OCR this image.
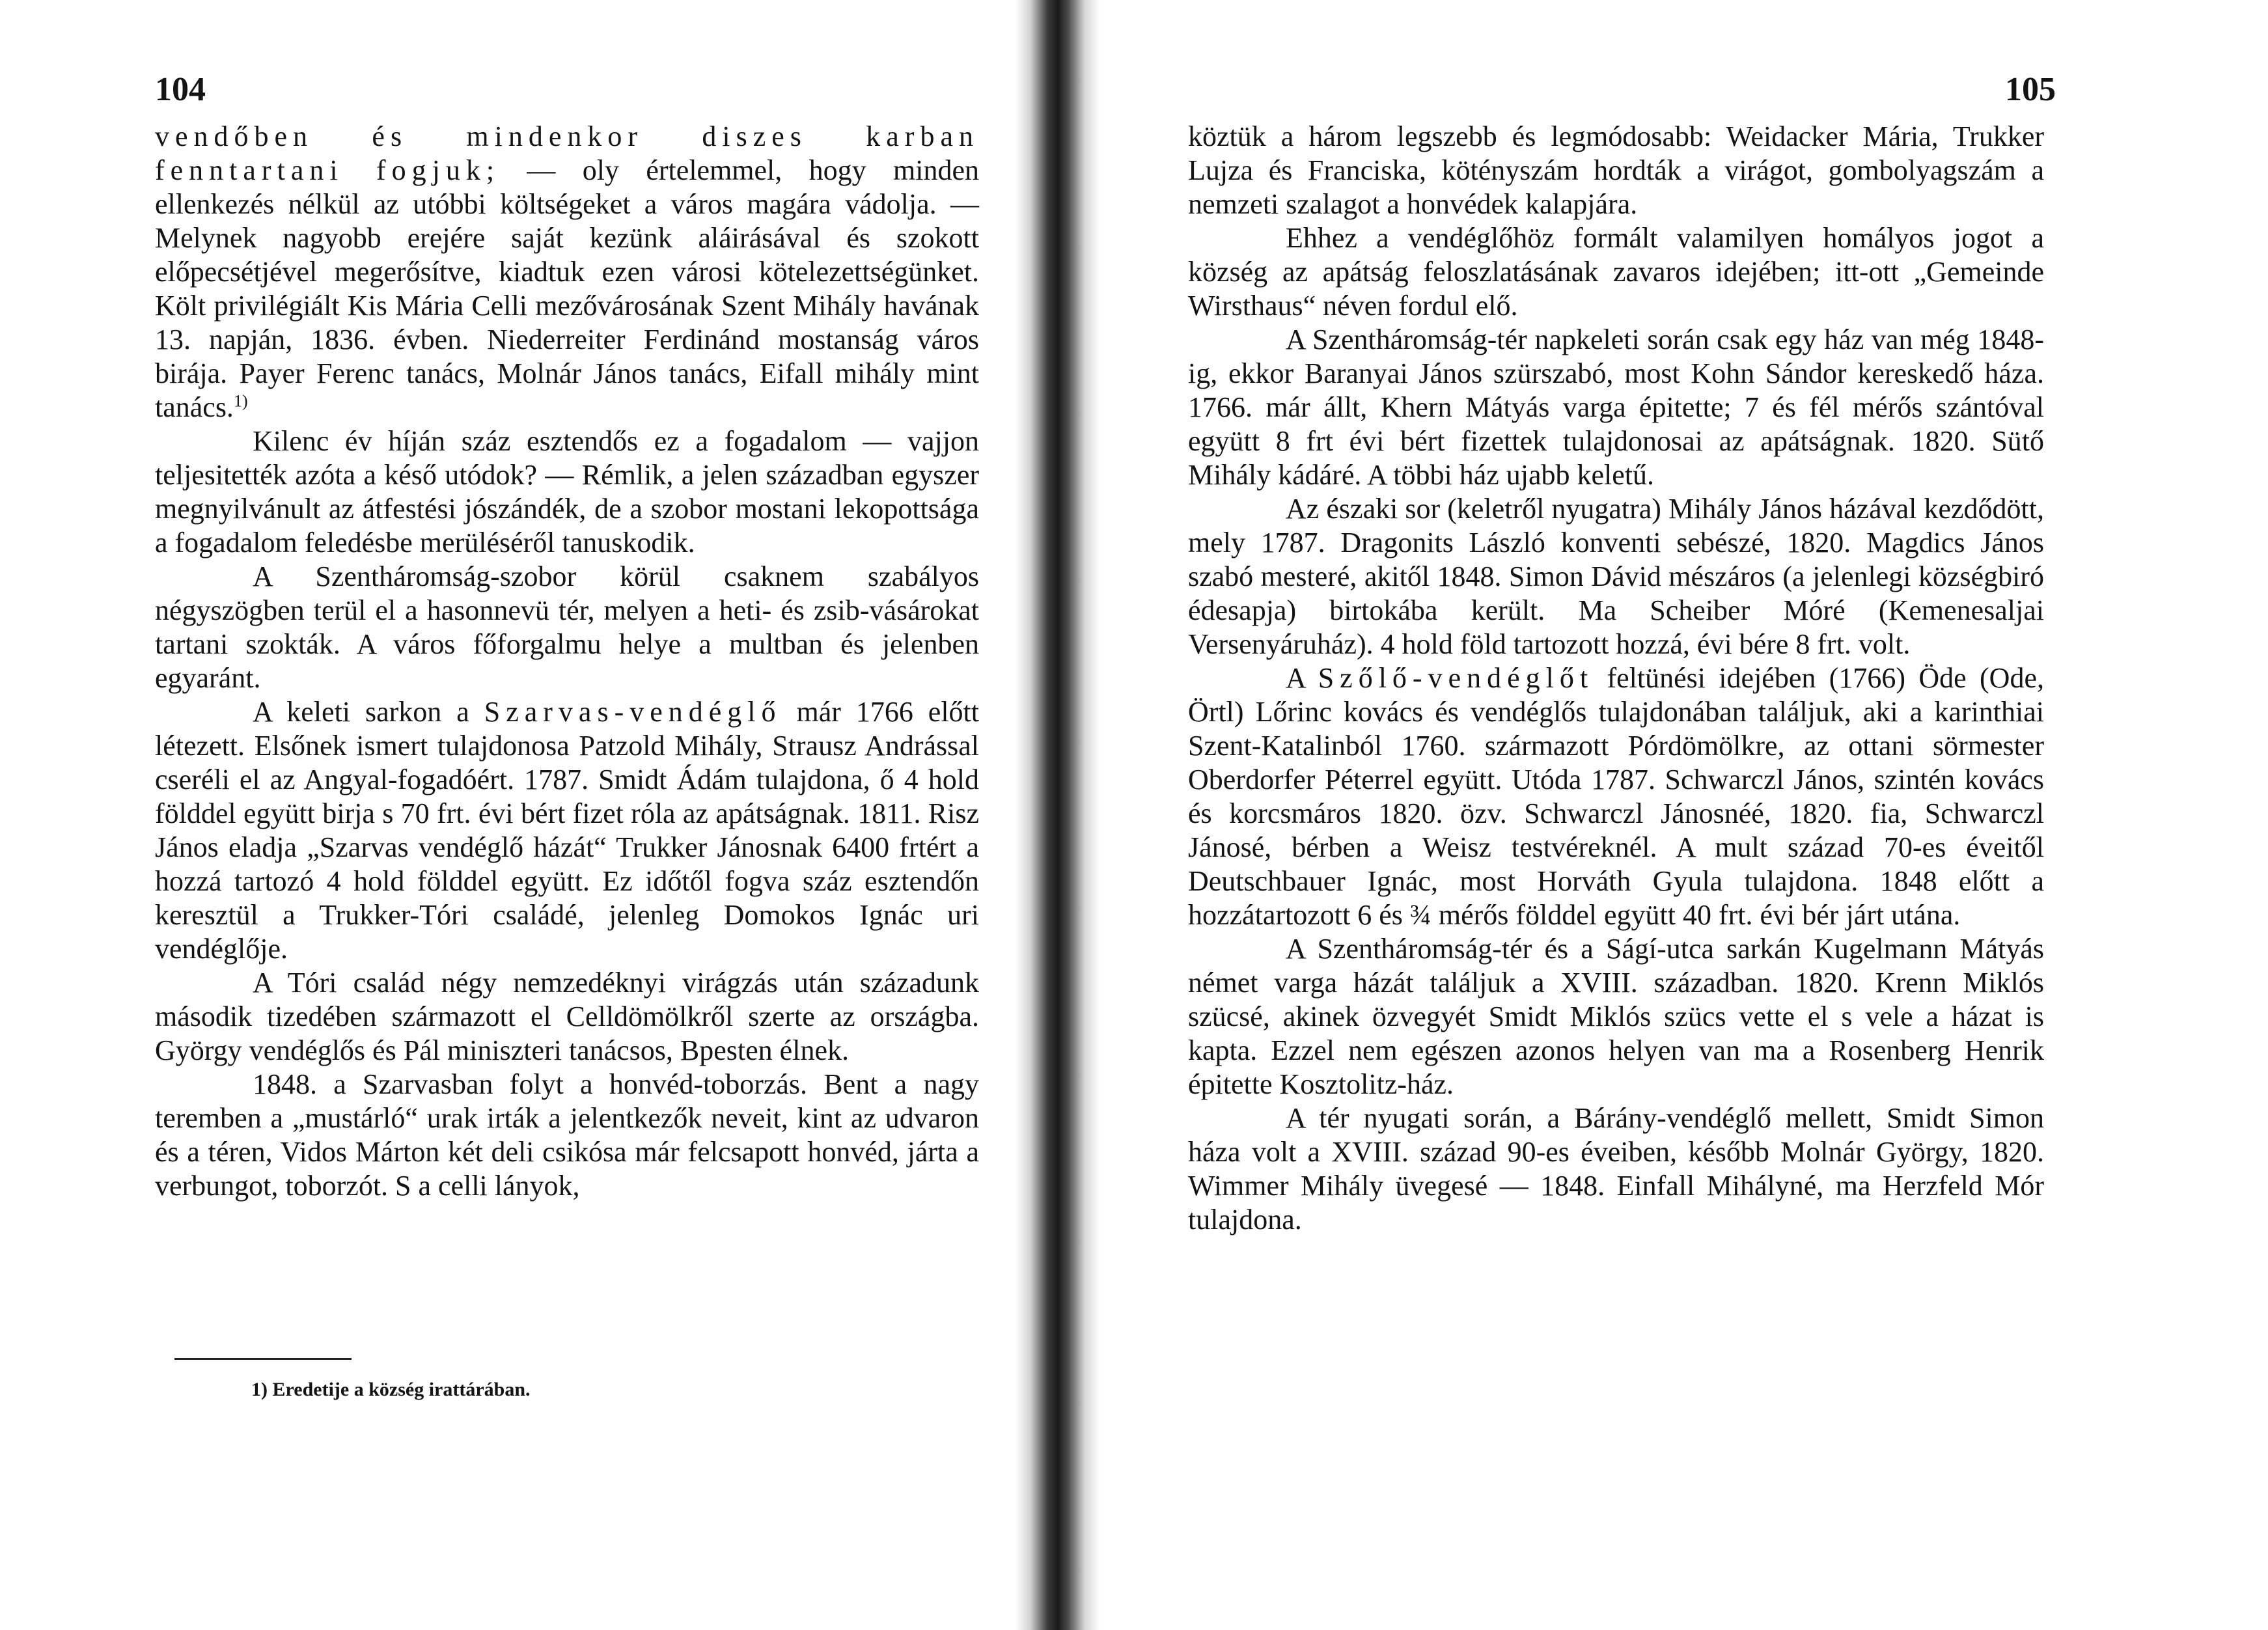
104

vendőben és mindenkor diszes karban fenntartani fogjuk; — oly értelemmel, hogy minden ellenkezés nélkül az utóbbi költségeket a város magára vádolja. — Melynek nagyobb erejére saját kezünk aláirásával és szokott előpecsétjével megerősítve, kiadtuk ezen városi kötelezettségünket. Költ privilégiált Kis Mária Celli mezővárosának Szent Mihály havának 13. napján, 1836. évben. Niederreiter Ferdinánd mostanság város birája. Payer Ferenc tanács, Molnár János tanács, Eifall mihály mint tanács.$^{1)}$

Kilenc év híján száz esztendős ez a fogadalom — vajjon teljesitették azóta a késő utódok? — Rémlik, a jelen században egyszer megnyilvánult az átfestési jószándék, de a szobor mostani lekopottsága a fogadalom feledésbe merüléséről tanuskodik.

A Szentháromság-szobor körül csaknem szabályos négyszögben terül el a hasonnevü tér, melyen a heti- és zsib-vásárokat tartani szokták. A város főforgalmu helye a multban és jelenben egyaránt.

A keleti sarkon a Szarvas-vendéglő már 1766 előtt létezett. Elsőnek ismert tulajdonosa Patzold Mihály, Strausz Andrással cseréli el az Angyal-fogadóért. 1787. Smidt Ádám tulajdona, ő 4 hold földdel együtt birja s 70 frt. évi bért fizet róla az apátságnak. 1811. Risz János eladja „Szarvas vendéglő házát“ Trukker Jánosnak 6400 frtért a hozzá tartozó 4 hold földdel együtt. Ez időtől fogva száz esztendőn keresztül a Trukker-Tóri családé, jelenleg Domokos Ignác uri vendéglője.

A Tóri család négy nemzedéknyi virágzás után századunk második tizedében származott el Celldömölkről szerte az országba. György vendéglős és Pál miniszteri tanácsos, Bpesten élnek.

1848. a Szarvasban folyt a honvéd-toborzás. Bent a nagy teremben a „mustárló“ urak irták a jelentkezők neveit, kint az udvaron és a téren, Vidos Márton két deli csikósa már felcsapott honvéd, járta a verbungot, toborzót. S a celli lányok,

1) Eredetije a község irattárában.
105

köztük a három legszebb és legmódosabb: Weidacker Mária, Trukker Lujza és Franciska, kötényszám hordták a virágot, gombolyagszám a nemzeti szalagot a honvédek kalapjára.

Ehhez a vendéglőhöz formált valamilyen homályos jogot a község az apátság feloszlatásának zavaros idejében; itt-ott „Gemeinde Wirsthaus“ néven fordul elő.

A Szentháromság-tér napkeleti során csak egy ház van még 1848-ig, ekkor Baranyai János szürszabó, most Kohn Sándor kereskedő háza. 1766. már állt, Khern Mátyás varga épitette; 7 és fél mérős szántóval együtt 8 frt évi bért fizettek tulajdonosai az apátságnak. 1820. Sütő Mihály kádáré. A többi ház ujabb keletű.

Az északi sor (keletről nyugatra) Mihály János házával kezdődött, mely 1787. Dragonits László konventi sebészé, 1820. Magdics János szabó mesteré, akitől 1848. Simon Dávid mészáros (a jelenlegi községbiró édesapja) birtokába került. Ma Scheiber Móré (Kemenesaljai Versenyáruház). 4 hold föld tartozott hozzá, évi bére 8 frt. volt.

A Szőlő-vendéglőt feltünési idejében (1766) Öde (Ode, Örtl) Lőrinc kovács és vendéglős tulajdonában találjuk, aki a karinthiai Szent-Katalinból 1760. származott Pórdömölkre, az ottani sörmester Oberdorfer Péterrel együtt. Utóda 1787. Schwarczl János, szintén kovács és korcsmáros 1820. özv. Schwarczl Jánosnéé, 1820. fia, Schwarczl Jánosé, bérben a Weisz testvéreknél. A mult század 70-es éveitől Deutschbauer Ignác, most Horváth Gyula tulajdona. 1848 előtt a hozzátartozott 6 és ¾ mérős földdel együtt 40 frt. évi bér járt utána.

A Szentháromság-tér és a Ságí-utca sarkán Kugelmann Mátyás német varga házát találjuk a XVIII. században. 1820. Krenn Miklós szücsé, akinek özvegyét Smidt Miklós szücs vette el s vele a házat is kapta. Ezzel nem egészen azonos helyen van ma a Rosenberg Henrik épitette Kosztolitz-ház.

A tér nyugati során, a Bárány-vendéglő mellett, Smidt Simon háza volt a XVIII. század 90-es éveiben, később Molnár György, 1820. Wimmer Mihály üvegesé — 1848. Einfall Mihályné, ma Herzfeld Mór tulajdona.
